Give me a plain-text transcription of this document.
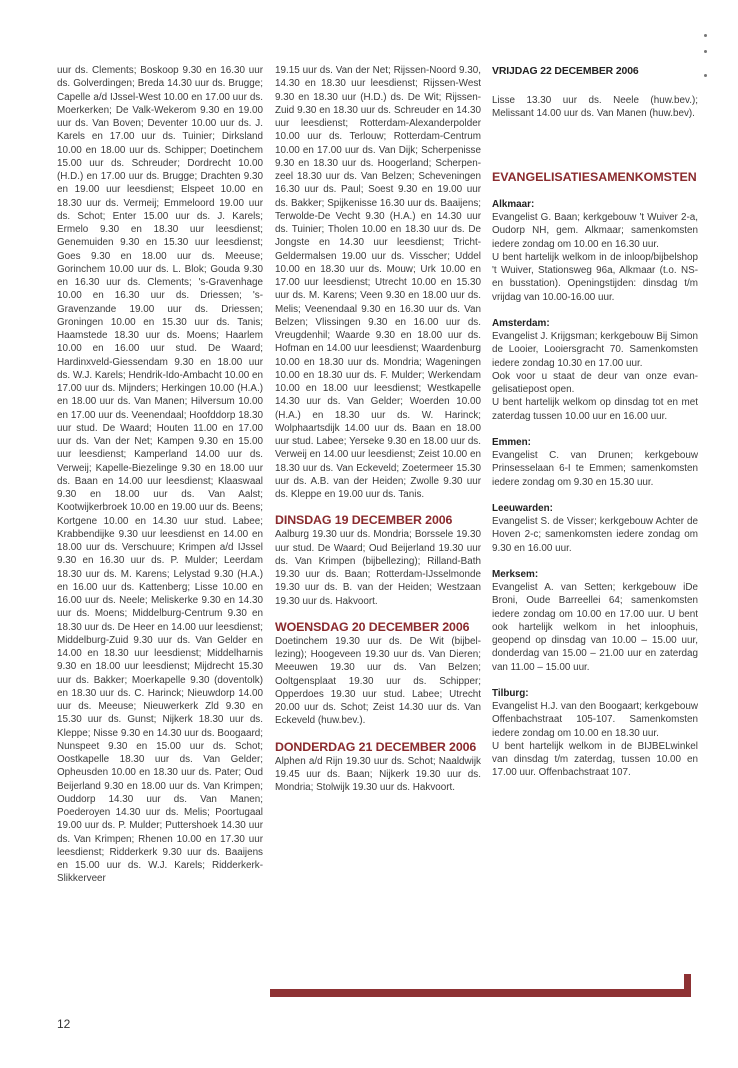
uur ds. Clements; Boskoop 9.30 en 16.30 uur ds. Golverdingen; Breda 14.30 uur ds. Brugge; Capelle a/d IJssel-West 10.00 en 17.00 uur ds. Moerkerken; De Valk-Wekerom 9.30 en 19.00 uur ds. Van Boven; Deventer 10.00 uur ds. J. Karels en 17.00 uur ds. Tuinier; Dirksland 10.00 en 18.00 uur ds. Schipper; Doetinchem 15.00 uur ds. Schreuder; Dordrecht 10.00 (H.D.) en 17.00 uur ds. Brugge; Drachten 9.30 en 19.00 uur leesdienst; Elspeet 10.00 en 18.30 uur ds. Vermeij; Emmeloord 19.00 uur ds. Schot; Enter 15.00 uur ds. J. Karels; Ermelo 9.30 en 18.30 uur leesdienst; Genemuiden 9.30 en 15.30 uur leesdienst; Goes 9.30 en 18.00 uur ds. Meeuse; Gorinchem 10.00 uur ds. L. Blok; Gouda 9.30 en 16.30 uur ds. Clements; 's-Gravenhage 10.00 en 16.30 uur ds. Driessen; 's-Gravenzande 19.00 uur ds. Driessen; Groningen 10.00 en 15.30 uur ds. Tanis; Haamstede 18.30 uur ds. Moens; Haarlem 10.00 en 16.00 uur stud. De Waard; Hardinxveld-Giessendam 9.30 en 18.00 uur ds. W.J. Karels; Hendrik-Ido-Ambacht 10.00 en 17.00 uur ds. Mijnders; Herkingen 10.00 (H.A.) en 18.00 uur ds. Van Manen; Hilversum 10.00 en 17.00 uur ds. Veenendaal; Hoofddorp 18.30 uur stud. De Waard; Houten 11.00 en 17.00 uur ds. Van der Net; Kampen 9.30 en 15.00 uur leesdienst; Kamperland 14.00 uur ds. Verweij; Kapelle-Biezelinge 9.30 en 18.00 uur ds. Baan en 14.00 uur leesdienst; Klaaswaal 9.30 en 18.00 uur ds. Van Aalst; Kootwijkerbroek 10.00 en 19.00 uur ds. Beens; Kortgene 10.00 en 14.30 uur stud. Labee; Krabbendijke 9.30 uur leesdienst en 14.00 en 18.00 uur ds. Verschuure; Krimpen a/d IJssel 9.30 en 16.30 uur ds. P. Mulder; Leerdam 18.30 uur ds. M. Karens; Lelystad 9.30 (H.A.) en 16.00 uur ds. Kattenberg; Lisse 10.00 en 16.00 uur ds. Neele; Meliskerke 9.30 en 14.30 uur ds. Moens; Middelburg-Centrum 9.30 en 18.30 uur ds. De Heer en 14.00 uur leesdienst; Middelburg-Zuid 9.30 uur ds. Van Gelder en 14.00 en 18.30 uur leesdienst; Middelharnis 9.30 en 18.00 uur leesdienst; Mijdrecht 15.30 uur ds. Bakker; Moerkapelle 9.30 (doventolk) en 18.30 uur ds. C. Harinck; Nieuwdorp 14.00 uur ds. Meeuse; Nieuwerkerk Zld 9.30 en 15.30 uur ds. Gunst; Nijkerk 18.30 uur ds. Kleppe; Nisse 9.30 en 14.30 uur ds. Boogaard; Nunspeet 9.30 en 15.00 uur ds. Schot; Oostkapelle 18.30 uur ds. Van Gelder; Opheusden 10.00 en 18.30 uur ds. Pater; Oud Beijerland 9.30 en 18.00 uur ds. Van Krimpen; Ouddorp 14.30 uur ds. Van Manen; Poederoyen 14.30 uur ds. Melis; Poortugaal 19.00 uur ds. P. Mulder; Puttershoek 14.30 uur ds. Van Krimpen; Rhenen 10.00 en 17.30 uur leesdienst; Ridderkerk 9.30 uur ds. Baaijens en 15.00 uur ds. W.J. Karels; Ridderkerk-Slikkerveer

19.15 uur ds. Van der Net; Rijssen-Noord 9.30, 14.30 en 18.30 uur leesdienst; Rijssen-West 9.30 en 18.30 uur (H.D.) ds. De Wit; Rijssen-Zuid 9.30 en 18.30 uur ds. Schreuder en 14.30 uur leesdienst; Rotterdam-Alexanderpolder 10.00 uur ds. Terlouw; Rotterdam-Centrum 10.00 en 17.00 uur ds. Van Dijk; Scherpenisse 9.30 en 18.30 uur ds. Hoogerland; Scherpenzeel 18.30 uur ds. Van Belzen; Scheveningen 16.30 uur ds. Paul; Soest 9.30 en 19.00 uur ds. Bakker; Spijkenisse 16.30 uur ds. Baaijens; Terwolde-De Vecht 9.30 (H.A.) en 14.30 uur ds. Tuinier; Tholen 10.00 en 18.30 uur ds. De Jongste en 14.30 uur leesdienst; Tricht-Geldermalsen 19.00 uur ds. Visscher; Uddel 10.00 en 18.30 uur ds. Mouw; Urk 10.00 en 17.00 uur leesdienst; Utrecht 10.00 en 15.30 uur ds. M. Karens; Veen 9.30 en 18.00 uur ds. Melis; Veenendaal 9.30 en 16.30 uur ds. Van Belzen; Vlissingen 9.30 en 16.00 uur ds. Vreugdenhil; Waarde 9.30 en 18.00 uur ds. Hofman en 14.00 uur leesdienst; Waardenburg 10.00 en 18.30 uur ds. Mondria; Wageningen 10.00 en 18.30 uur ds. F. Mulder; Werkendam 10.00 en 18.00 uur leesdienst; Westkapelle 14.30 uur ds. Van Gelder; Woerden 10.00 (H.A.) en 18.30 uur ds. W. Harinck; Wolphaartsdijk 14.00 uur ds. Baan en 18.00 uur stud. Labee; Yerseke 9.30 en 18.00 uur ds. Verweij en 14.00 uur leesdienst; Zeist 10.00 en 18.30 uur ds. Van Eckeveld; Zoetermeer 15.30 uur ds. A.B. van der Heiden; Zwolle 9.30 uur ds. Kleppe en 19.00 uur ds. Tanis.

DINSDAG 19 DECEMBER 2006

Aalburg 19.30 uur ds. Mondria; Borssele 19.30 uur stud. De Waard; Oud Beijerland 19.30 uur ds. Van Krimpen (bijbellezing); Rilland-Bath 19.30 uur ds. Baan; Rotterdam-IJsselmonde 19.30 uur ds. B. van der Heiden; Westzaan 19.30 uur ds. Hakvoort.

WOENSDAG 20 DECEMBER 2006

Doetinchem 19.30 uur ds. De Wit (bijbellezing); Hoogeveen 19.30 uur ds. Van Dieren; Meeuwen 19.30 uur ds. Van Belzen; Ooltgensplaat 19.30 uur ds. Schipper; Opperdoes 19.30 uur stud. Labee; Utrecht 20.00 uur ds. Schot; Zeist 14.30 uur ds. Van Eckeveld (huw.bev.).

DONDERDAG 21 DECEMBER 2006

Alphen a/d Rijn 19.30 uur ds. Schot; Naaldwijk 19.45 uur ds. Baan; Nijkerk 19.30 uur ds. Mondria; Stolwijk 19.30 uur ds. Hakvoort.

VRIJDAG 22 DECEMBER 2006

Lisse 13.30 uur ds. Neele (huw.bev.); Melissant 14.00 uur ds. Van Manen (huw.bev).

EVANGELISATIESAMENKOMSTEN
Alkmaar:

Evangelist G. Baan; kerkgebouw 't Wuiver 2-a, Oudorp NH, gem. Alkmaar; samenkomsten iedere zondag om 10.00 en 16.30 uur.

U bent hartelijk welkom in de inloop/bijbelshop 't Wuiver, Stationsweg 96a, Alkmaar (t.o. NS- en busstation). Openingstijden: dinsdag t/m vrijdag van 10.00-16.00 uur.

Amsterdam:

Evangelist J. Krijgsman; kerkgebouw Bij Simon de Looier, Looiersgracht 70. Samenkomsten iedere zondag 10.30 en 17.00 uur.

Ook voor u staat de deur van onze evangelisatiepost open.

U bent hartelijk welkom op dinsdag tot en met zaterdag tussen 10.00 uur en 16.00 uur.

Emmen:

Evangelist C. van Drunen; kerkgebouw Prinsesselaan 6-I te Emmen; samenkomsten iedere zondag om 9.30 en 15.30 uur.

Leeuwarden:

Evangelist S. de Visser; kerkgebouw Achter de Hoven 2-c; samenkomsten iedere zondag om 9.30 en 16.00 uur.

Merksem:

Evangelist A. van Setten; kerkgebouw iDe Broni, Oude Barreellei 64; samenkomsten iedere zondag om 10.00 en 17.00 uur. U bent ook hartelijk welkom in het inloophuis, geopend op dinsdag van 10.00 – 15.00 uur, donderdag van 15.00 – 21.00 uur en zaterdag van 11.00 – 15.00 uur.

Tilburg:

Evangelist H.J. van den Boogaart; kerkgebouw Offenbachstraat 105-107. Samenkomsten iedere zondag om 10.00 en 18.30 uur.

U bent hartelijk welkom in de BIJBELwinkel van dinsdag t/m zaterdag, tussen 10.00 en 17.00 uur. Offenbachstraat 107.

12
